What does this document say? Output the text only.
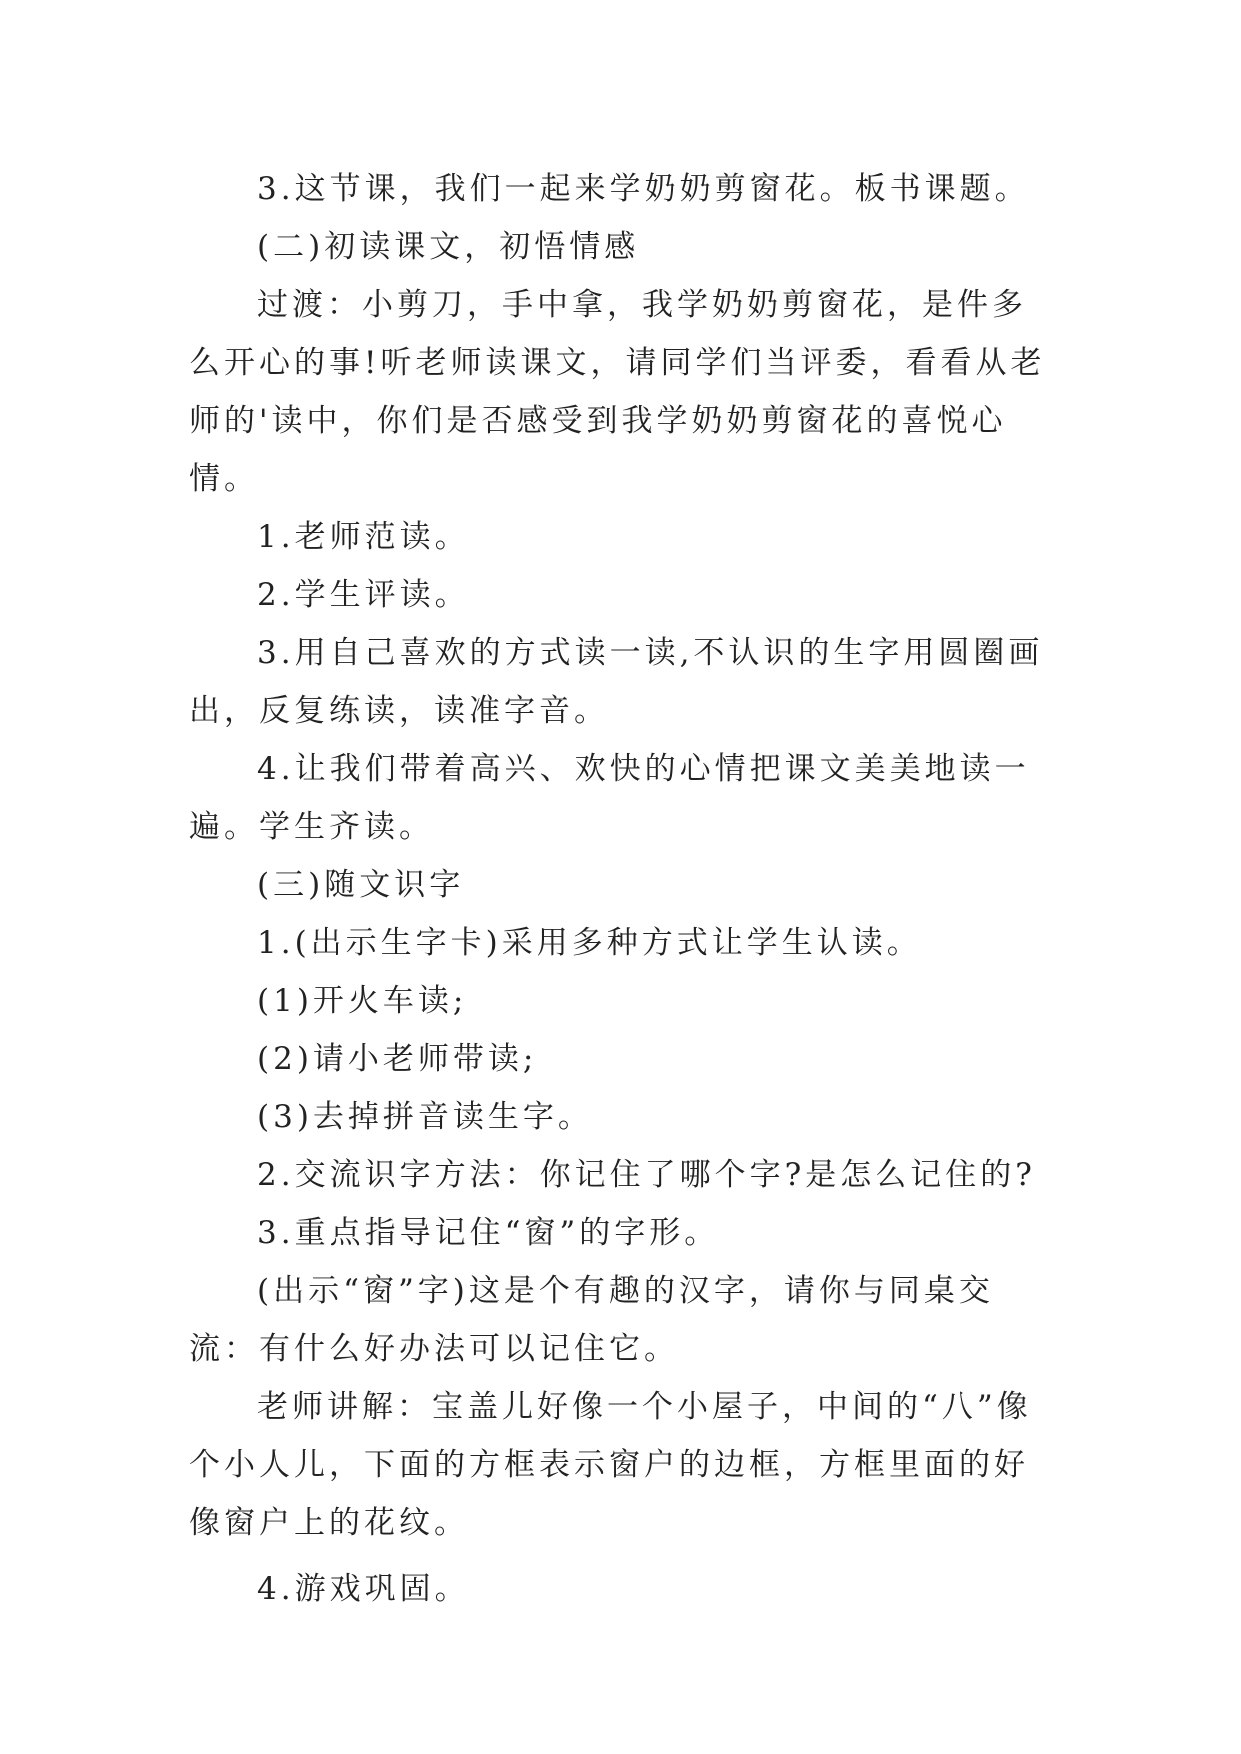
3.这节课，我们一起来学奶奶剪窗花。板书课题。

(二)初读课文，初悟情感

过渡：小剪刀，手中拿，我学奶奶剪窗花，是件多么开心的事!听老师读课文，请同学们当评委，看看从老师的'读中，你们是否感受到我学奶奶剪窗花的喜悦心情。

1.老师范读。

2.学生评读。

3.用自己喜欢的方式读一读,不认识的生字用圆圈画出，反复练读，读准字音。

4.让我们带着高兴、欢快的心情把课文美美地读一遍。学生齐读。

(三)随文识字

1.(出示生字卡)采用多种方式让学生认读。

(1)开火车读;

(2)请小老师带读;

(3)去掉拼音读生字。

2.交流识字方法：你记住了哪个字?是怎么记住的?

3.重点指导记住“窗”的字形。

(出示“窗”字)这是个有趣的汉字，请你与同桌交流：有什么好办法可以记住它。

老师讲解：宝盖儿好像一个小屋子，中间的“八”像个小人儿，下面的方框表示窗户的边框，方框里面的好像窗户上的花纹。

4.游戏巩固。
